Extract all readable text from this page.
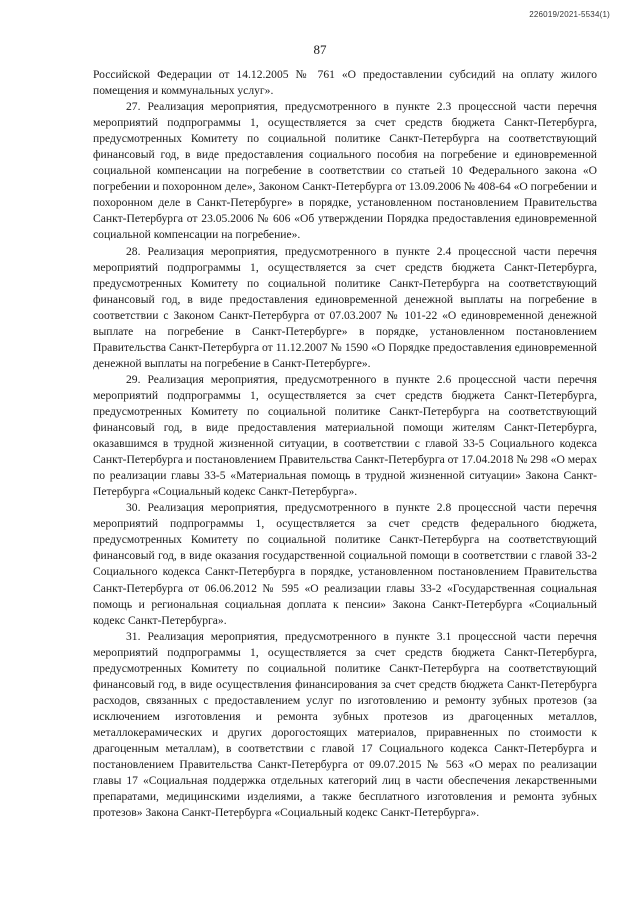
226019/2021-5534(1)
87

Российской Федерации от 14.12.2005 № 761 «О предоставлении субсидий на оплату жилого помещения и коммунальных услуг».

27. Реализация мероприятия, предусмотренного в пункте 2.3 процессной части перечня мероприятий подпрограммы 1, осуществляется за счет средств бюджета Санкт-Петербурга, предусмотренных Комитету по социальной политике Санкт-Петербурга на соответствующий финансовый год, в виде предоставления социального пособия на погребение и единовременной социальной компенсации на погребение в соответствии со статьей 10 Федерального закона «О погребении и похоронном деле», Законом Санкт-Петербурга от 13.09.2006 № 408-64 «О погребении и похоронном деле в Санкт-Петербурге» в порядке, установленном постановлением Правительства Санкт-Петербурга от 23.05.2006 № 606 «Об утверждении Порядка предоставления единовременной социальной компенсации на погребение».

28. Реализация мероприятия, предусмотренного в пункте 2.4 процессной части перечня мероприятий подпрограммы 1, осуществляется за счет средств бюджета Санкт-Петербурга, предусмотренных Комитету по социальной политике Санкт-Петербурга на соответствующий финансовый год, в виде предоставления единовременной денежной выплаты на погребение в соответствии с Законом Санкт-Петербурга от 07.03.2007 № 101-22 «О единовременной денежной выплате на погребение в Санкт-Петербурге» в порядке, установленном постановлением Правительства Санкт-Петербурга от 11.12.2007 № 1590 «О Порядке предоставления единовременной денежной выплаты на погребение в Санкт-Петербурге».

29. Реализация мероприятия, предусмотренного в пункте 2.6 процессной части перечня мероприятий подпрограммы 1, осуществляется за счет средств бюджета Санкт-Петербурга, предусмотренных Комитету по социальной политике Санкт-Петербурга на соответствующий финансовый год, в виде предоставления материальной помощи жителям Санкт-Петербурга, оказавшимся в трудной жизненной ситуации, в соответствии с главой 33-5 Социального кодекса Санкт-Петербурга и постановлением Правительства Санкт-Петербурга от 17.04.2018 № 298 «О мерах по реализации главы 33-5 «Материальная помощь в трудной жизненной ситуации» Закона Санкт-Петербурга «Социальный кодекс Санкт-Петербурга».

30. Реализация мероприятия, предусмотренного в пункте 2.8 процессной части перечня мероприятий подпрограммы 1, осуществляется за счет средств федерального бюджета, предусмотренных Комитету по социальной политике Санкт-Петербурга на соответствующий финансовый год, в виде оказания государственной социальной помощи в соответствии с главой 33-2 Социального кодекса Санкт-Петербурга в порядке, установленном постановлением Правительства Санкт-Петербурга от 06.06.2012 № 595 «О реализации главы 33-2 «Государственная социальная помощь и региональная социальная доплата к пенсии» Закона Санкт-Петербурга «Социальный кодекс Санкт-Петербурга».

31. Реализация мероприятия, предусмотренного в пункте 3.1 процессной части перечня мероприятий подпрограммы 1, осуществляется за счет средств бюджета Санкт-Петербурга, предусмотренных Комитету по социальной политике Санкт-Петербурга на соответствующий финансовый год, в виде осуществления финансирования за счет средств бюджета Санкт-Петербурга расходов, связанных с предоставлением услуг по изготовлению и ремонту зубных протезов (за исключением изготовления и ремонта зубных протезов из драгоценных металлов, металлокерамических и других дорогостоящих материалов, приравненных по стоимости к драгоценным металлам), в соответствии с главой 17 Социального кодекса Санкт-Петербурга и постановлением Правительства Санкт-Петербурга от 09.07.2015 № 563 «О мерах по реализации главы 17 «Социальная поддержка отдельных категорий лиц в части обеспечения лекарственными препаратами, медицинскими изделиями, а также бесплатного изготовления и ремонта зубных протезов» Закона Санкт-Петербурга «Социальный кодекс Санкт-Петербурга».
